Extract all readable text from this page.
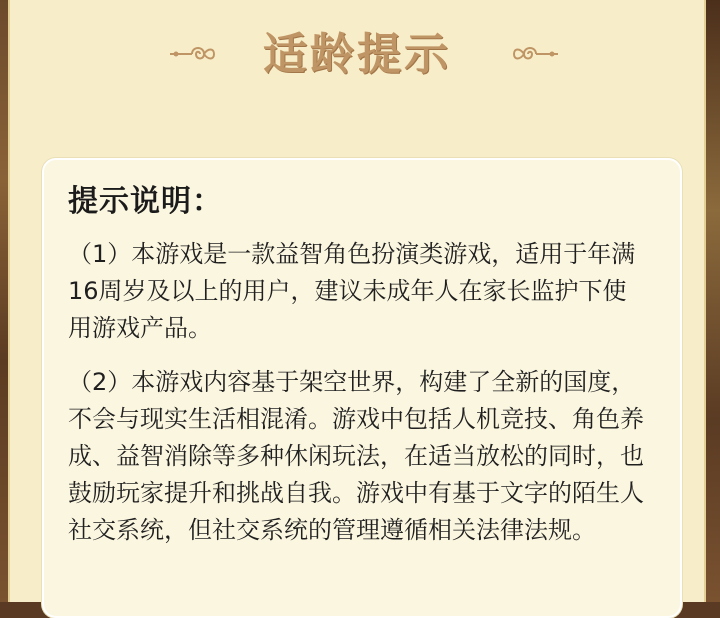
适龄提示
提示说明：

（1）本游戏是一款益智角色扮演类游戏，适用于年满16周岁及以上的用户，建议未成年人在家长监护下使用游戏产品。

（2）本游戏内容基于架空世界，构建了全新的国度，不会与现实生活相混淆。游戏中包括人机竞技、角色养成、益智消除等多种休闲玩法，在适当放松的同时，也鼓励玩家提升和挑战自我。游戏中有基于文字的陌生人社交系统，但社交系统的管理遵循相关法律法规。
